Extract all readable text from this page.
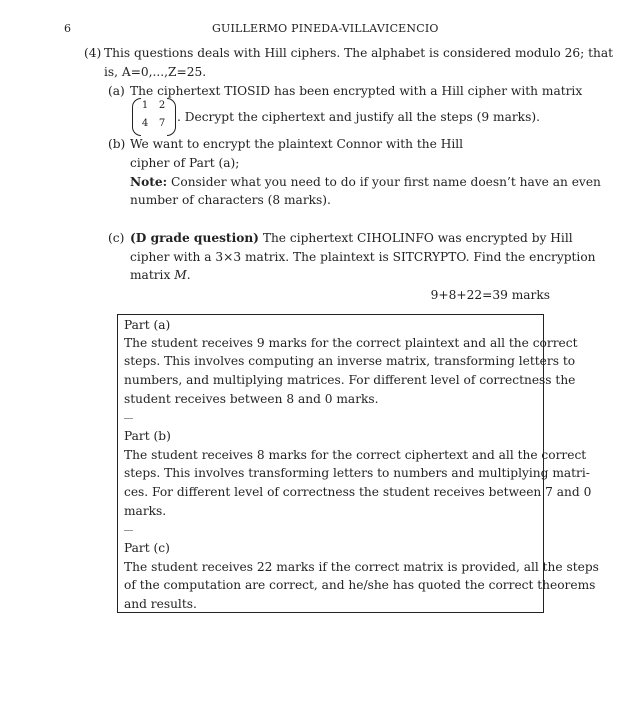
6	GUILLERMO PINEDA-VILLAVICENCIO
(4) This questions deals with Hill ciphers. The alphabet is considered modulo 26; that
is, A=0,...,Z=25.
(a) The ciphertext TIOSID has been encrypted with a Hill cipher with matrix
1 2
4 7 . Decrypt the ciphertext and justify all the steps (9 marks).
(b) We want to encrypt the plaintext Connor with the Hill
cipher of Part (a);
Note: Consider what you need to do if your first name doesn’t have an even
number of characters (8 marks).
(c) (D grade question) The ciphertext CIHOLINFO was encrypted by Hill
cipher with a 3×3 matrix. The plaintext is SITCRYPTO. Find the encryption
matrix M.
9+8+22=39 marks
Part (a)
The student receives 9 marks for the correct plaintext and all the correct
steps. This involves computing an inverse matrix, transforming letters to
numbers, and multiplying matrices. For different level of correctness the
student receives between 8 and 0 marks.
Part (b)
The student receives 8 marks for the correct ciphertext and all the correct
steps. This involves transforming letters to numbers and multiplying matri-
ces. For different level of correctness the student receives between 7 and 0
marks.
Part (c)
The student receives 22 marks if the correct matrix is provided, all the steps
of the computation are correct, and he/she has quoted the correct theorems
and results.
